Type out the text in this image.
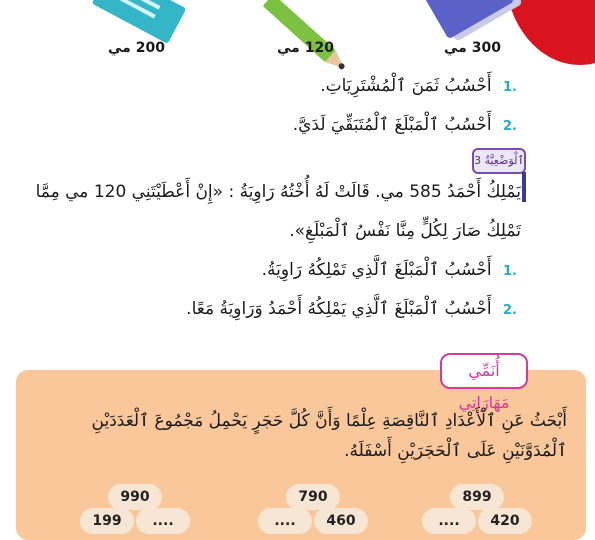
200 مي	120 مي	300 مي
.1 أَحْسُبُ ثَمَنَ ٱلْمُشْتَرِيَاتِ.
.2 أَحْسُبُ ٱلْمَبْلَغَ ٱلْمُتَبَقِّيَ لَدَيَّ.
ٱلْوَضْعِيَّةُ 3
يَمْلِكُ أَحْمَدُ 585 مي. قَالَتْ لَهُ أُخْتُهُ رَاوِيَةُ : «إِنْ أَعْطَيْتَنِي 120 مي مِمَّا
تَمْلِكُ صَارَ لِكُلٍّ مِنَّا نَفْسُ ٱلْمَبْلَغِ».
.1 أَحْسُبُ ٱلْمَبْلَغَ ٱلَّذِي تَمْلِكُهُ رَاوِيَةُ.
.2 أَحْسُبُ ٱلْمَبْلَغَ ٱلَّذِي يَمْلِكُهُ أَحْمَدُ وَرَاوِيَةُ مَعًا.
أُنَمِّي مَهَارَاتِي
أَبْحَثُ عَنِ ٱلْأَعْدَادِ ٱلنَّاقِصَةِ عِلْمًا وَأَنَّ كُلَّ حَجَرٍ يَحْمِلُ مَجْمُوعَ ٱلْعَدَدَيْنِ
ٱلْمُدَوَّنَيْنِ عَلَى ٱلْحَجَرَيْنِ أَسْفَلَهُ.
899
....	420
790
....	460
990
199	....
